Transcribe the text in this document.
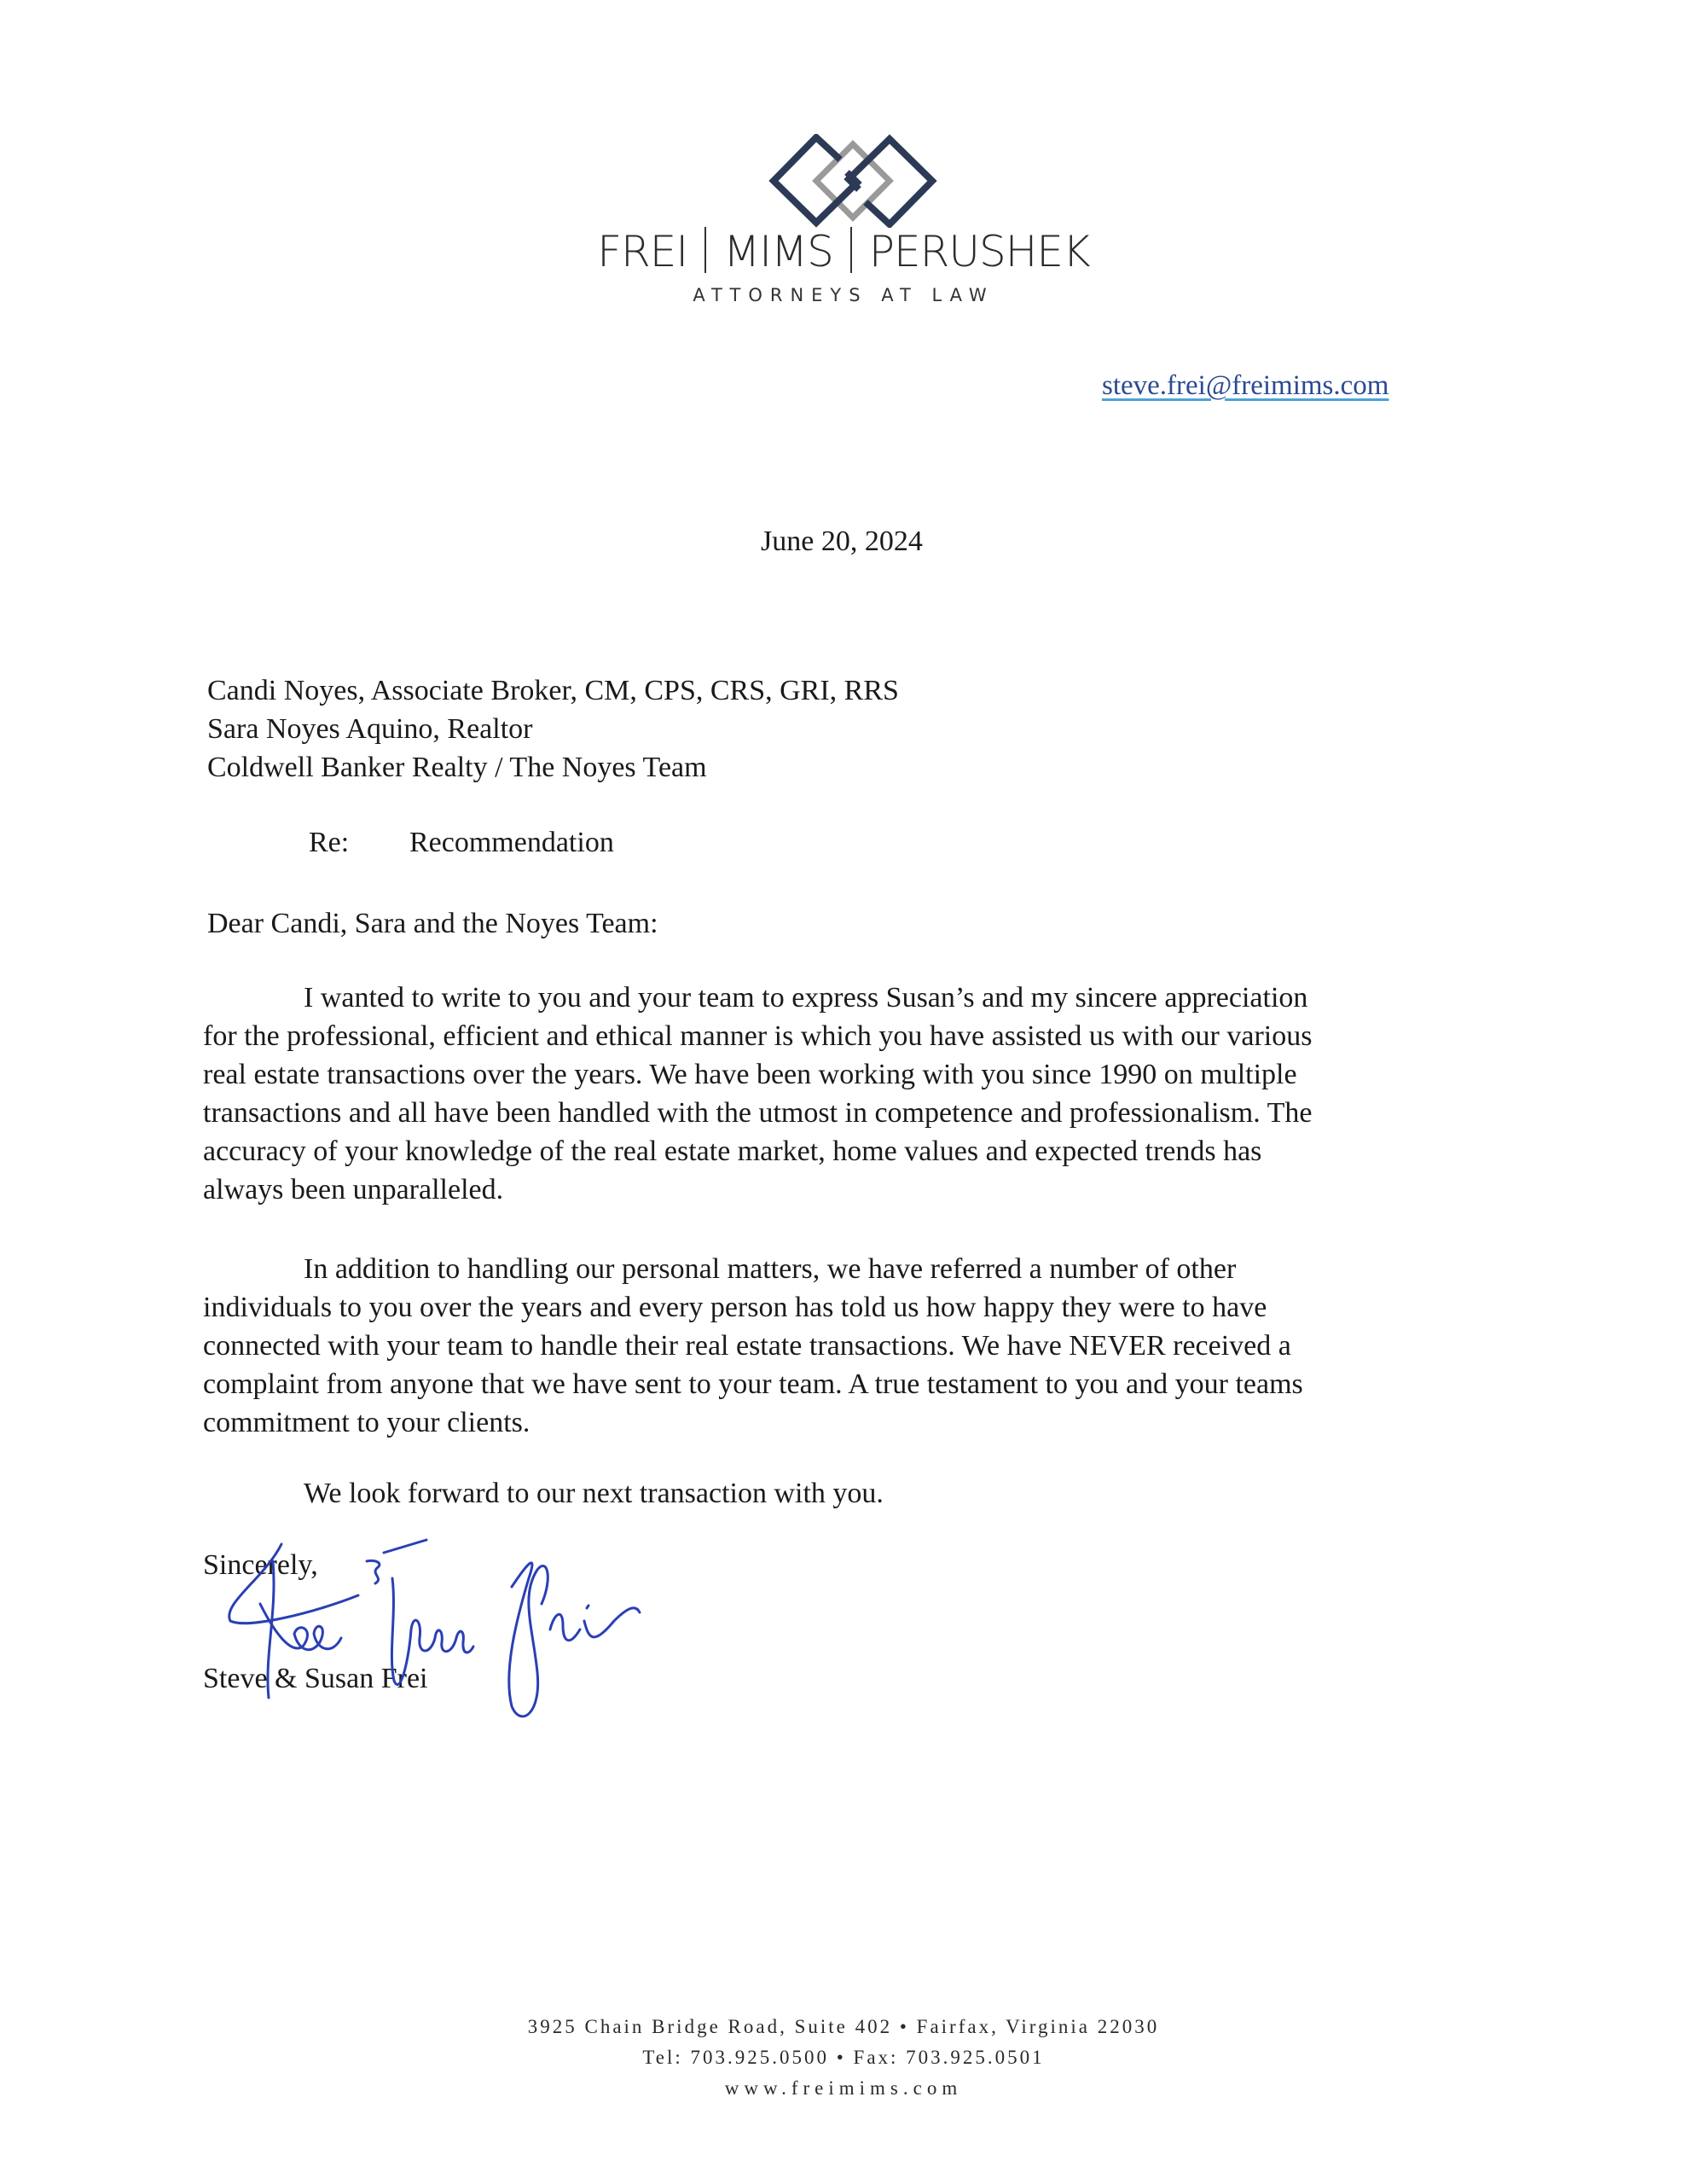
FREI MIMS PERUSHEK
ATTORNEYS AT LAW
steve.frei@freimims.com
June 20, 2024
Candi Noyes, Associate Broker, CM, CPS, CRS, GRI, RRS
Sara Noyes Aquino, Realtor
Coldwell Banker Realty / The Noyes Team
Re: Recommendation
Dear Candi, Sara and the Noyes Team:
I wanted to write to you and your team to express Susan’s and my sincere appreciation
for the professional, efficient and ethical manner is which you have assisted us with our various
real estate transactions over the years. We have been working with you since 1990 on multiple
transactions and all have been handled with the utmost in competence and professionalism. The
accuracy of your knowledge of the real estate market, home values and expected trends has
always been unparalleled.
In addition to handling our personal matters, we have referred a number of other
individuals to you over the years and every person has told us how happy they were to have
connected with your team to handle their real estate transactions. We have NEVER received a
complaint from anyone that we have sent to your team. A true testament to you and your teams
commitment to your clients.
We look forward to our next transaction with you.
Sincerely,
Steve & Susan Frei
3925 Chain Bridge Road, Suite 402 • Fairfax, Virginia 22030
Tel: 703.925.0500 • Fax: 703.925.0501
www.freimims.com
